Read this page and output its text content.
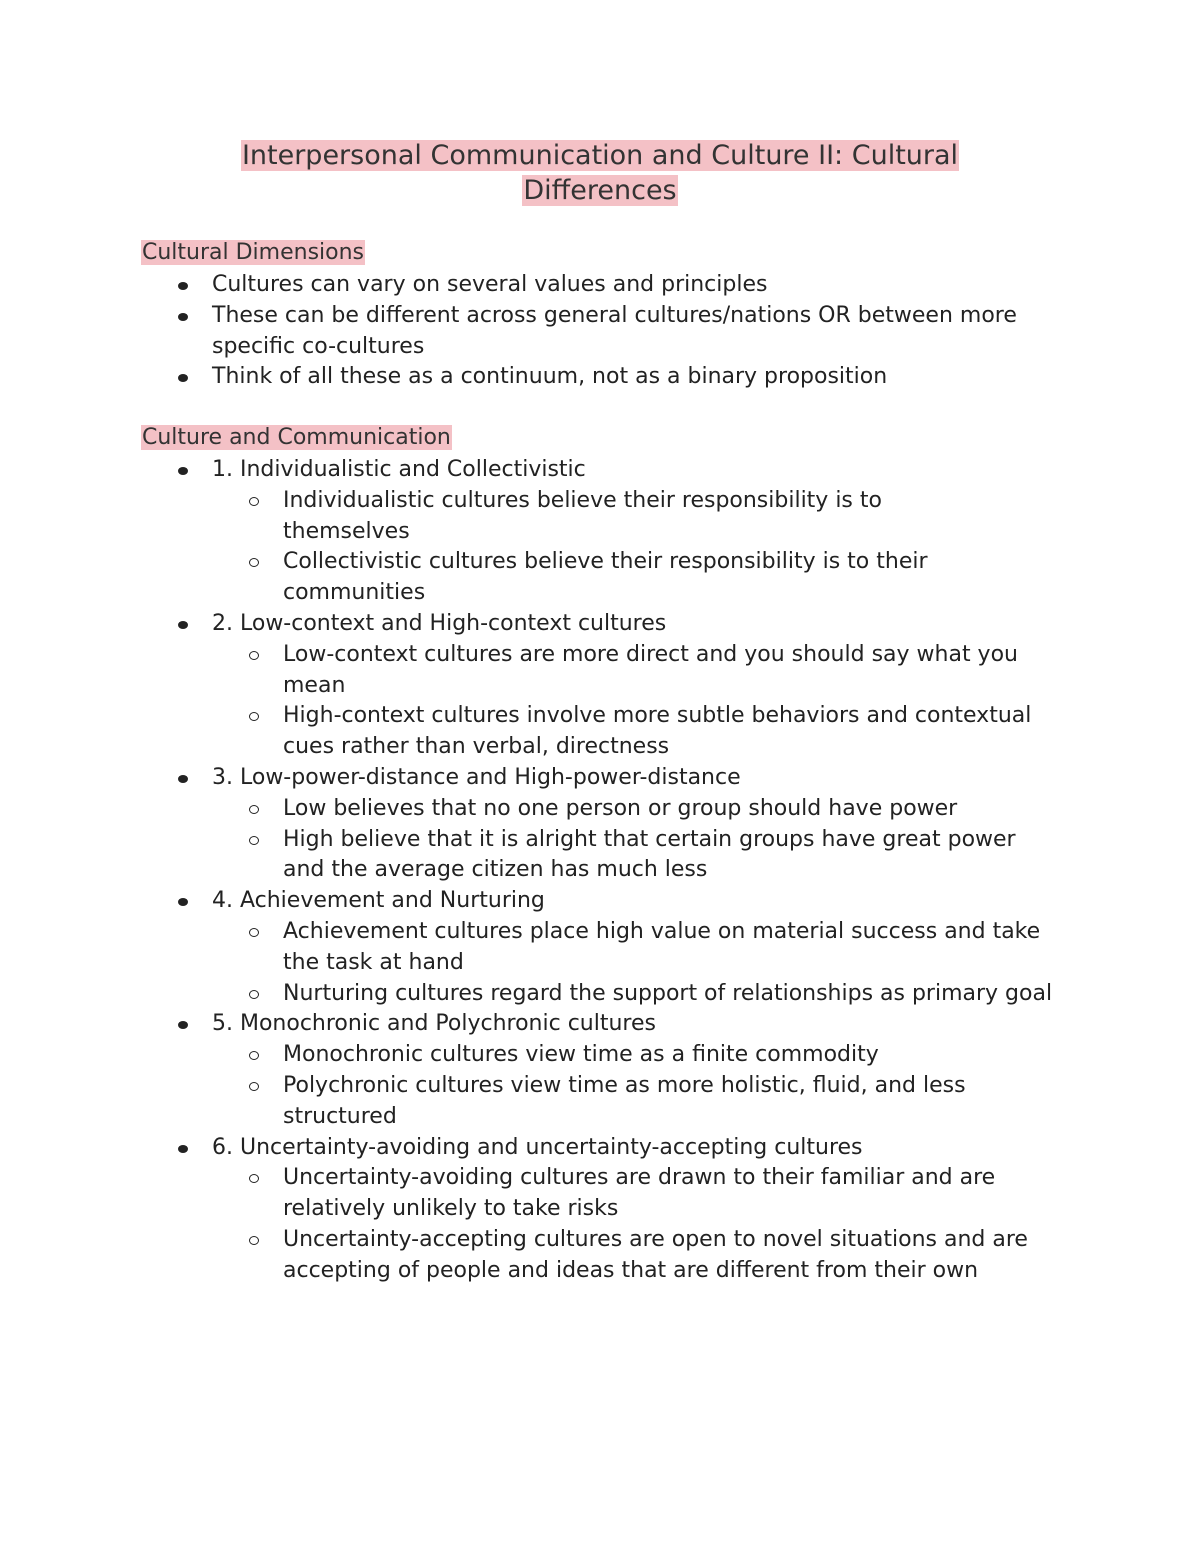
Interpersonal Communication and Culture II: Cultural
Differences
Cultural Dimensions
Cultures can vary on several values and principles
These can be different across general cultures/nations OR between more specific co-cultures
Think of all these as a continuum, not as a binary proposition
Culture and Communication
1. Individualistic and Collectivistic
Individualistic cultures believe their responsibility is to themselves
Collectivistic cultures believe their responsibility is to their communities
2. Low-context and High-context cultures
Low-context cultures are more direct and you should say what you mean
High-context cultures involve more subtle behaviors and contextual cues rather than verbal, directness
3. Low-power-distance and High-power-distance
Low believes that no one person or group should have power
High believe that it is alright that certain groups have great power and the average citizen has much less
4. Achievement and Nurturing
Achievement cultures place high value on material success and take the task at hand
Nurturing cultures regard the support of relationships as primary goal
5. Monochronic and Polychronic cultures
Monochronic cultures view time as a finite commodity
Polychronic cultures view time as more holistic, fluid, and less structured
6. Uncertainty-avoiding and uncertainty-accepting cultures
Uncertainty-avoiding cultures are drawn to their familiar and are relatively unlikely to take risks
Uncertainty-accepting cultures are open to novel situations and are accepting of people and ideas that are different from their own
